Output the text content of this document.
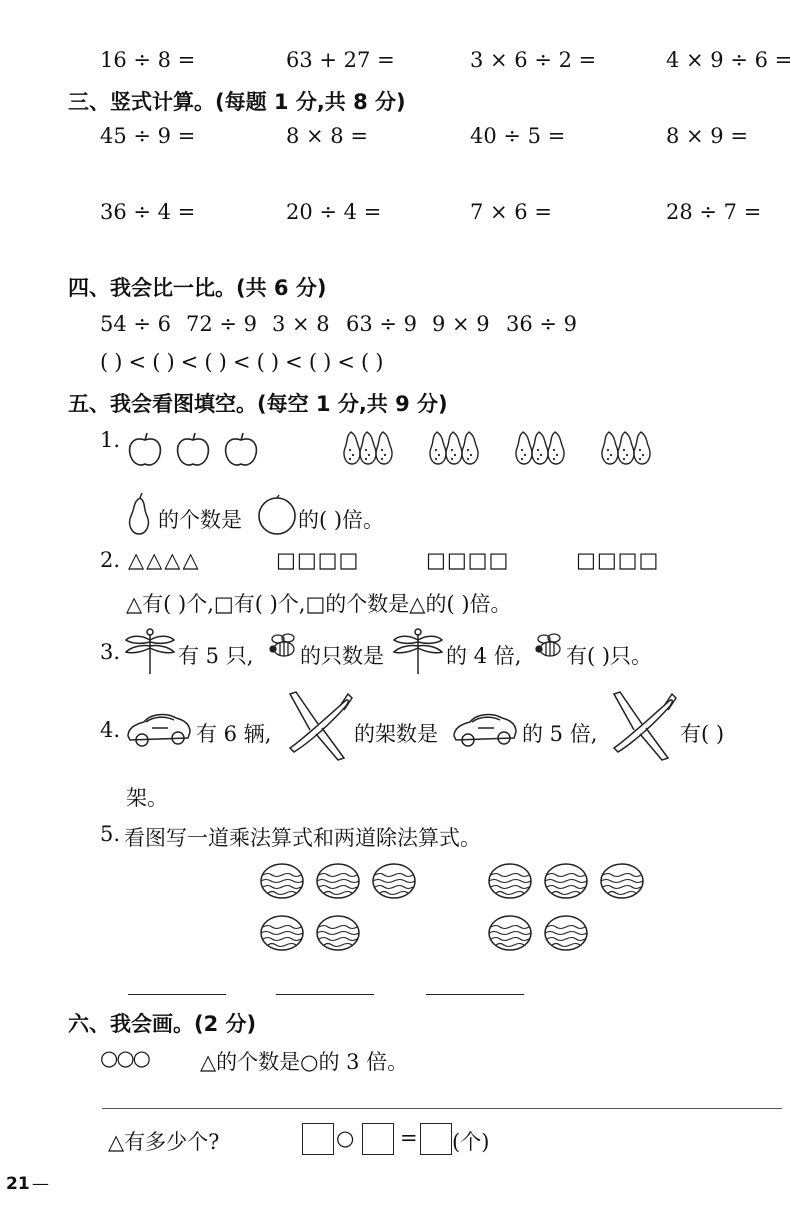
16 ÷ 8 =	63 + 27 =	3 × 6 ÷ 2 =	4 × 9 ÷ 6 =
三、竖式计算。(每题 1 分,共 8 分)
45 ÷ 9 =	8 × 8 =	40 ÷ 5 =	8 × 9 =
36 ÷ 4 =	20 ÷ 4 =	7 × 6 =	28 ÷ 7 =
四、我会比一比。(共 6 分)
54 ÷ 6 72 ÷ 9 3 × 8 63 ÷ 9 9 × 9 36 ÷ 9
( ) < ( ) < ( ) < ( ) < ( ) < ( )
五、我会看图填空。(每空 1 分,共 9 分)
1.
的个数是	的( )倍。
2. △△△△	□□□□	□□□□	□□□□
△有( )个,□有( )个,□的个数是△的( )倍。
3.	有 5 只, 的只数是	的 4 倍, 有( )只。
4.	有 6 辆,	的架数是	的 5 倍,	有( )
架。
5. 看图写一道乘法算式和两道除法算式。
六、我会画。(2 分)
○○○ △的个数是○的 3 倍。
△有多少个?	○ = (个)
21 —
